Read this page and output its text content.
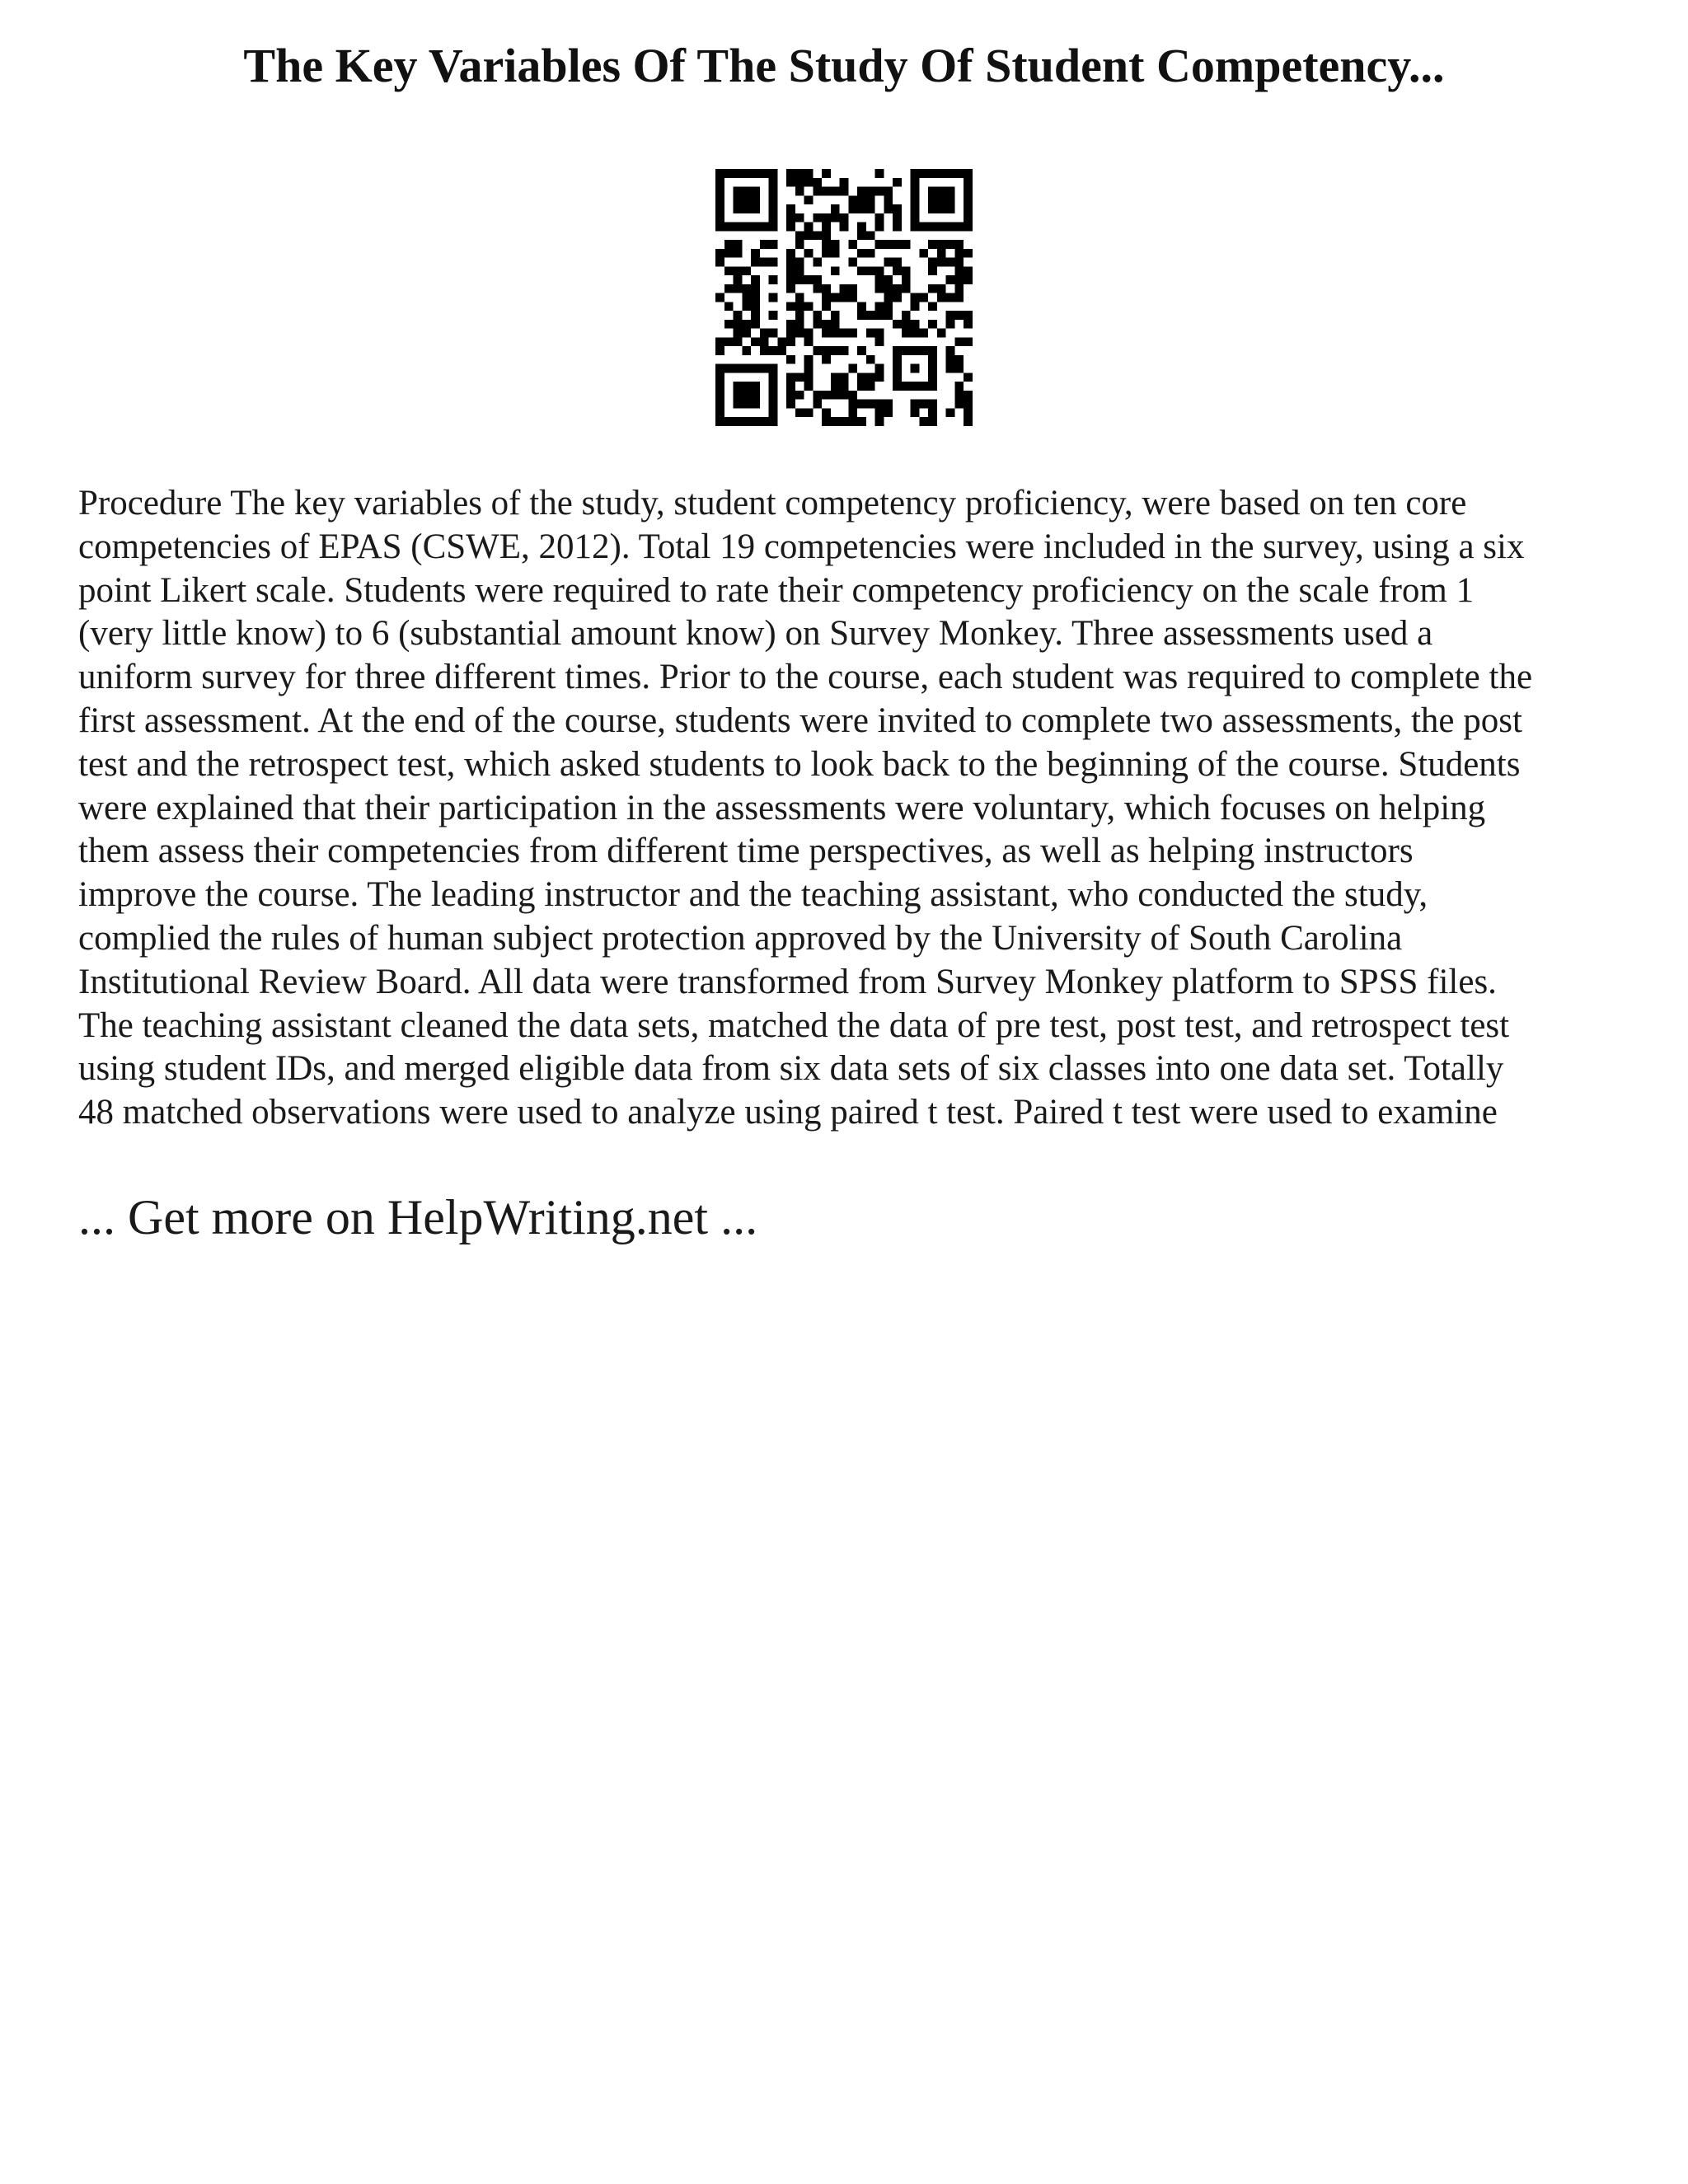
The Key Variables Of The Study Of Student Competency...
Procedure The key variables of the study, student competency proficiency, were based on ten core
competencies of EPAS (CSWE, 2012). Total 19 competencies were included in the survey, using a six
point Likert scale. Students were required to rate their competency proficiency on the scale from 1
(very little know) to 6 (substantial amount know) on Survey Monkey. Three assessments used a
uniform survey for three different times. Prior to the course, each student was required to complete the
first assessment. At the end of the course, students were invited to complete two assessments, the post
test and the retrospect test, which asked students to look back to the beginning of the course. Students
were explained that their participation in the assessments were voluntary, which focuses on helping
them assess their competencies from different time perspectives, as well as helping instructors
improve the course. The leading instructor and the teaching assistant, who conducted the study,
complied the rules of human subject protection approved by the University of South Carolina
Institutional Review Board. All data were transformed from Survey Monkey platform to SPSS files.
The teaching assistant cleaned the data sets, matched the data of pre test, post test, and retrospect test
using student IDs, and merged eligible data from six data sets of six classes into one data set. Totally
48 matched observations were used to analyze using paired t test. Paired t test were used to examine
... Get more on HelpWriting.net ...
